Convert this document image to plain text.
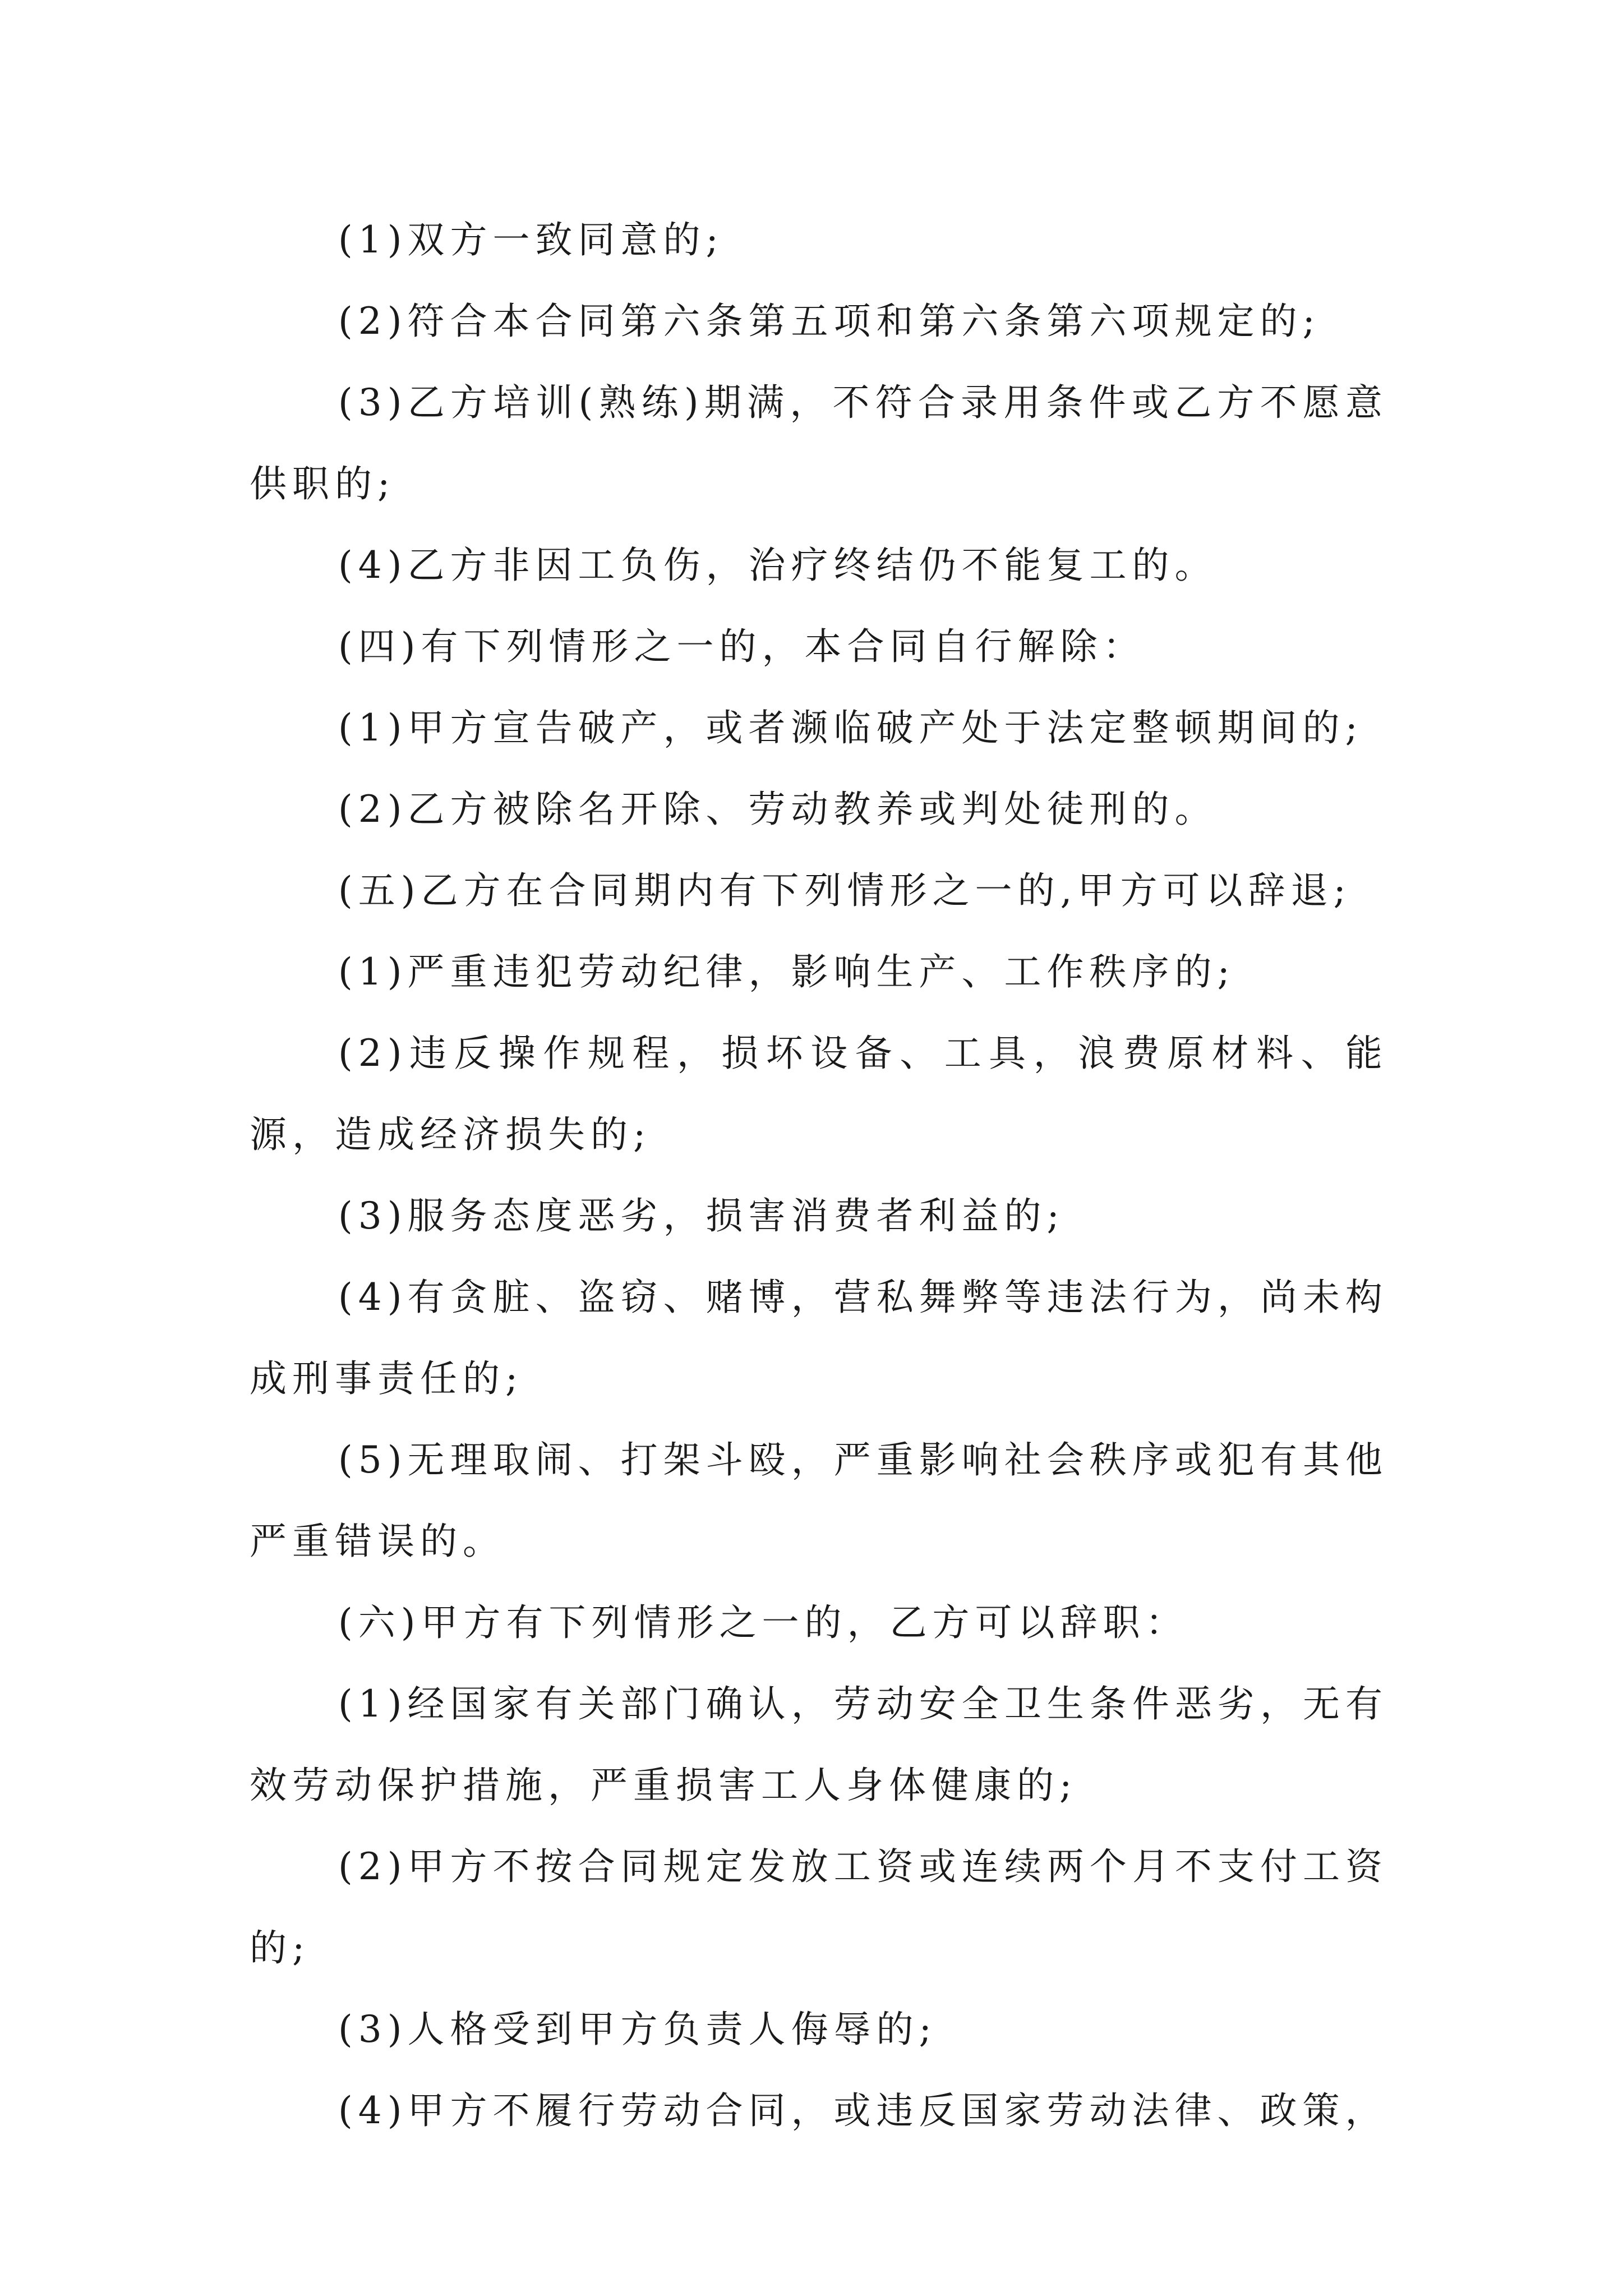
(1)双方一致同意的;

(2)符合本合同第六条第五项和第六条第六项规定的;

(3)乙方培训(熟练)期满，不符合录用条件或乙方不愿意供职的;

(4)乙方非因工负伤，治疗终结仍不能复工的。

(四)有下列情形之一的，本合同自行解除：

(1)甲方宣告破产，或者濒临破产处于法定整顿期间的;

(2)乙方被除名开除、劳动教养或判处徒刑的。

(五)乙方在合同期内有下列情形之一的,甲方可以辞退;

(1)严重违犯劳动纪律，影响生产、工作秩序的;

(2)违反操作规程，损坏设备、工具，浪费原材料、能源，造成经济损失的;

(3)服务态度恶劣，损害消费者利益的;

(4)有贪脏、盗窃、赌博，营私舞弊等违法行为，尚未构成刑事责任的;

(5)无理取闹、打架斗殴，严重影响社会秩序或犯有其他严重错误的。

(六)甲方有下列情形之一的，乙方可以辞职：

(1)经国家有关部门确认，劳动安全卫生条件恶劣，无有效劳动保护措施，严重损害工人身体健康的;

(2)甲方不按合同规定发放工资或连续两个月不支付工资的;

(3)人格受到甲方负责人侮辱的;

(4)甲方不履行劳动合同，或违反国家劳动法律、政策，
